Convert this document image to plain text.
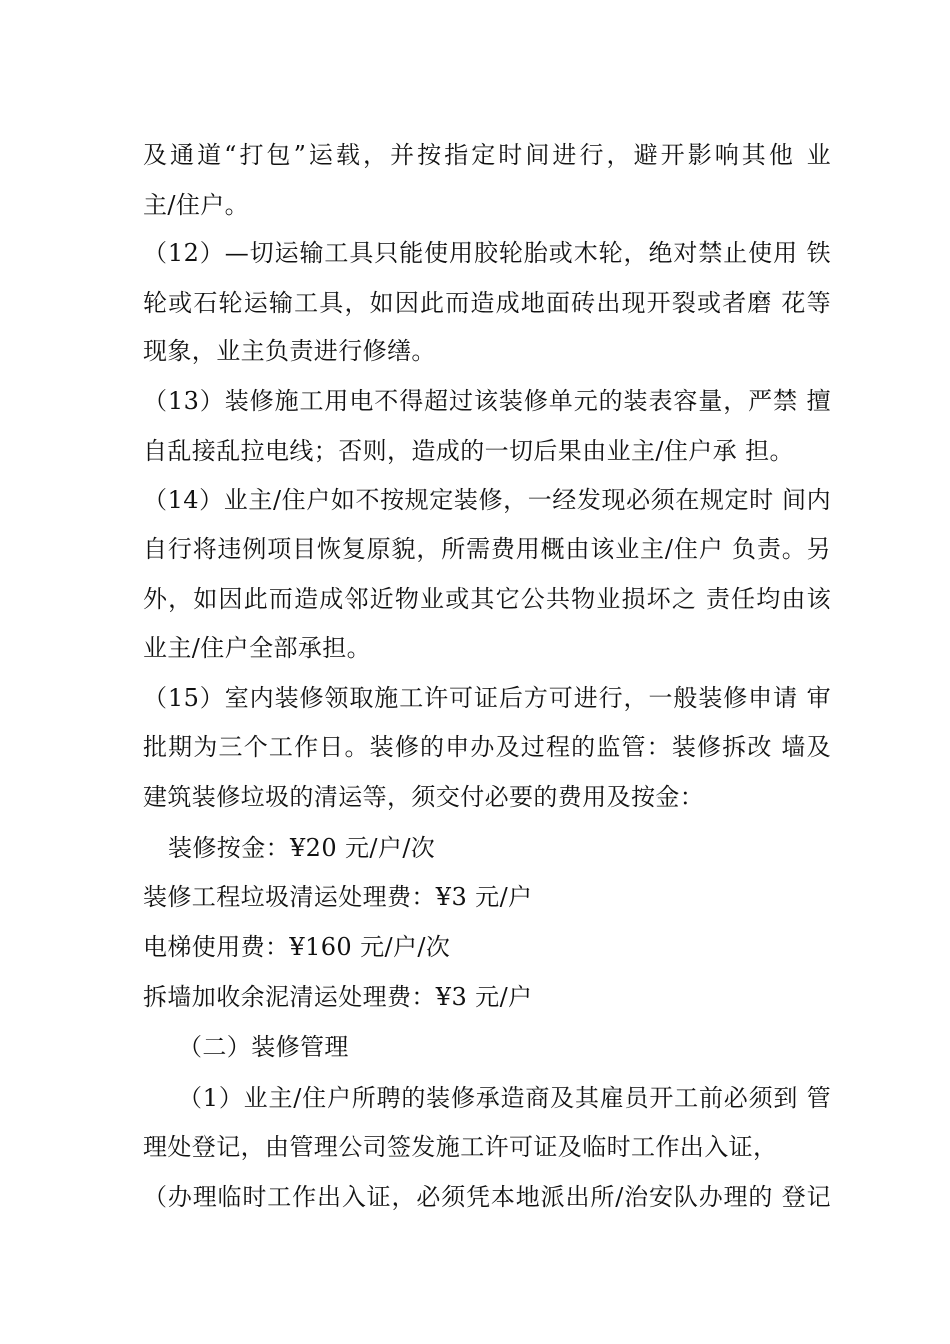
及通道“打包”运载，并按指定时间进行，避开影响其他 业
主/住户。
（12）—切运输工具只能使用胶轮胎或木轮，绝对禁止使用 铁
轮或石轮运输工具，如因此而造成地面砖出现开裂或者磨 花等
现象，业主负责进行修缮。
（13）装修施工用电不得超过该装修单元的装表容量，严禁 擅
自乱接乱拉电线；否则，造成的一切后果由业主/住户承 担。
（14）业主/住户如不按规定装修，一经发现必须在规定时 间内
自行将违例项目恢复原貌，所需费用概由该业主/住户 负责。另
外，如因此而造成邻近物业或其它公共物业损坏之 责任均由该
业主/住户全部承担。
（15）室内装修领取施工许可证后方可进行，一般装修申请 审
批期为三个工作日。装修的申办及过程的监管：装修拆改 墙及
建筑装修垃圾的清运等，须交付必要的费用及按金：
装修按金：¥20 元/户/次
装修工程垃圾清运处理费：¥3 元/户
电梯使用费：¥160 元/户/次
拆墙加收余泥清运处理费：¥3 元/户
（二）装修管理
（1）业主/住户所聘的装修承造商及其雇员开工前必须到 管
理处登记，由管理公司签发施工许可证及临时工作出入证，
（办理临时工作出入证，必须凭本地派出所/治安队办理的 登记
